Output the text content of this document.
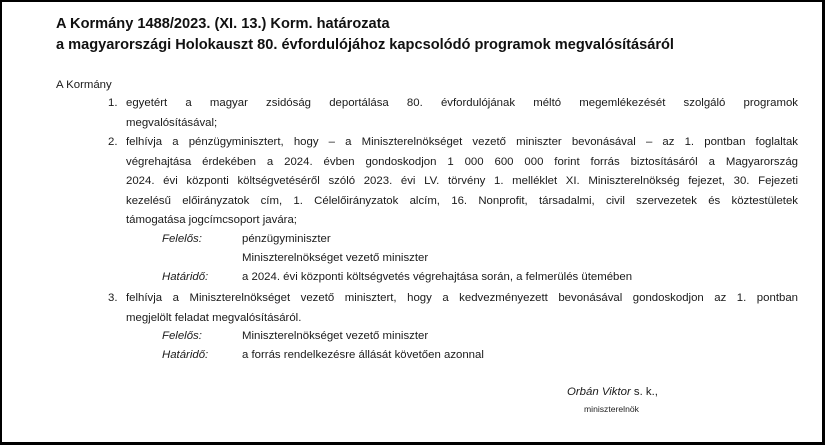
A Kormány 1488/2023. (XI. 13.) Korm. határozata
a magyarországi Holokauszt 80. évfordulójához kapcsolódó programok megvalósításáról
A Kormány
1. egyetért a magyar zsidóság deportálása 80. évfordulójának méltó megemlékezését szolgáló programok
megvalósításával;
2. felhívja a pénzügyminisztert, hogy – a Miniszterelnökséget vezető miniszter bevonásával – az 1. pontban foglaltak
végrehajtása érdekében a 2024. évben gondoskodjon 1 000 600 000 forint forrás biztosításáról a Magyarország
2024. évi központi költségvetéséről szóló 2023. évi LV. törvény 1. melléklet XI. Miniszterelnökség fejezet, 30. Fejezeti
kezelésű előirányzatok cím, 1. Célelőirányzatok alcím, 16. Nonprofit, társadalmi, civil szervezetek és köztestületek
támogatása jogcímcsoport javára;
Felelős:	pénzügyminiszter
Miniszterelnökséget vezető miniszter
Határidő:	a 2024. évi központi költségvetés végrehajtása során, a felmerülés ütemében
3. felhívja a Miniszterelnökséget vezető minisztert, hogy a kedvezményezett bevonásával gondoskodjon az 1. pontban
megjelölt feladat megvalósításáról.
Felelős:	Miniszterelnökséget vezető miniszter
Határidő:	a forrás rendelkezésre állását követően azonnal
Orbán Viktor s. k.,
miniszterelnök
